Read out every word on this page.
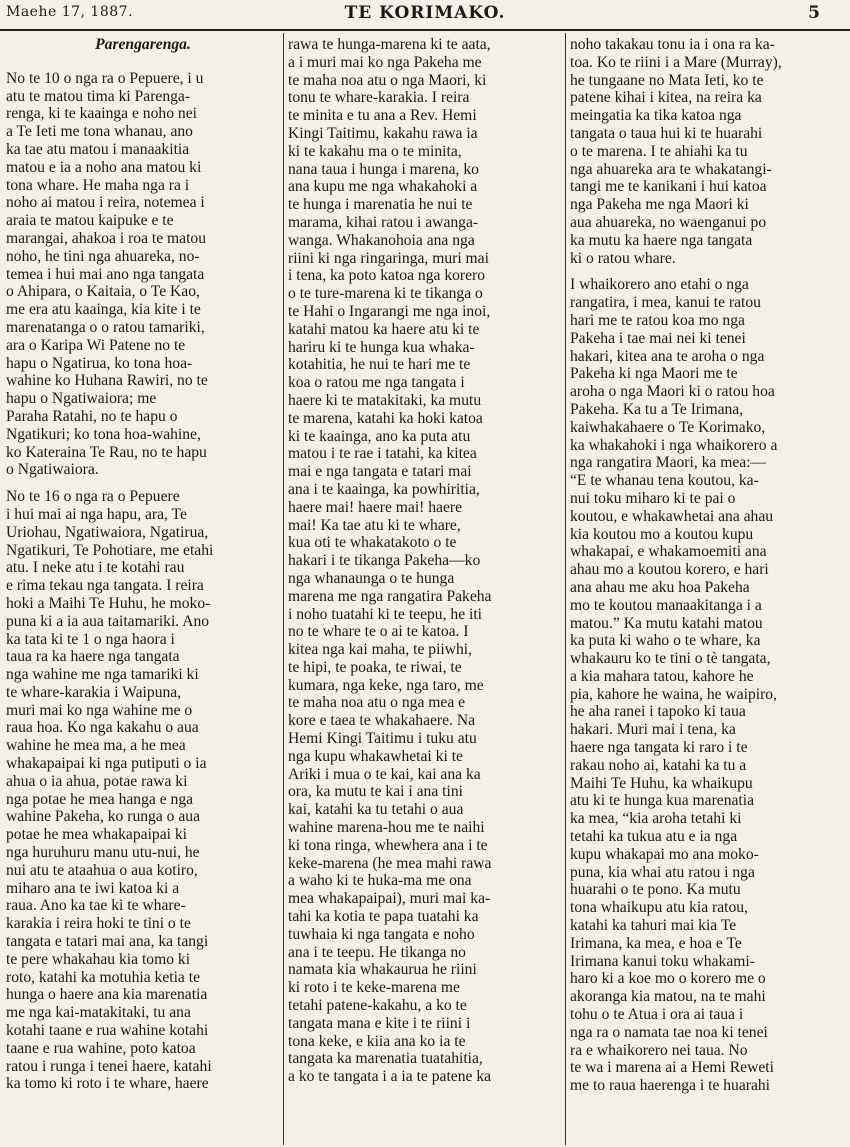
Maehe 17, 1887.	TE KORIMAKO.	5
Parengarenga.
No te 10 o nga ra o Pepuere, i u
atu te matou tima ki Parenga-
renga, ki te kaainga e noho nei
a Te Ieti me tona whanau, ano
ka tae atu matou i manaakitia
matou e ia a noho ana matou ki
tona whare. He maha nga ra i
noho ai matou i reira, notemea i
araia te matou kaipuke e te
marangai, ahakoa i roa te matou
noho, he tini nga ahuareka, no-
temea i hui mai ano nga tangata
o Ahipara, o Kaitaia, o Te Kao,
me era atu kaainga, kia kite i te
marenatanga o o ratou tamariki,
ara o Karipa Wi Patene no te
hapu o Ngatirua, ko tona hoa-
wahine ko Huhana Rawiri, no te
hapu o Ngatiwaiora; me
Paraha Ratahi, no te hapu o
Ngatikuri; ko tona hoa-wahine,
ko Kateraina Te Rau, no te hapu
o Ngatiwaiora.
No te 16 o nga ra o Pepuere
i hui mai ai nga hapu, ara, Te
Uriohau, Ngatiwaiora, Ngatirua,
Ngatikuri, Te Pohotiare, me etahi
atu. I neke atu i te kotahi rau
e rima tekau nga tangata. I reira
hoki a Maihi Te Huhu, he moko-
puna ki a ia aua taitamariki. Ano
ka tata ki te 1 o nga haora i
taua ra ka haere nga tangata
nga wahine me nga tamariki ki
te whare-karakia i Waipuna,
muri mai ko nga wahine me o
raua hoa. Ko nga kakahu o aua
wahine he mea ma, a he mea
whakapaipai ki nga putiputi o ia
ahua o ia ahua, potae rawa ki
nga potae he mea hanga e nga
wahine Pakeha, ko runga o aua
potae he mea whakapaipai ki
nga huruhuru manu utu-nui, he
nui atu te ataahua o aua kotiro,
miharo ana te iwi katoa ki a
raua. Ano ka tae ki te whare-
karakia i reira hoki te tini o te
tangata e tatari mai ana, ka tangi
te pere whakahau kia tomo ki
roto, katahi ka motuhia ketia te
hunga o haere ana kia marenatia
me nga kai-matakitaki, tu ana
kotahi taane e rua wahine kotahi
taane e rua wahine, poto katoa
ratou i runga i tenei haere, katahi
ka tomo ki roto i te whare, haere
rawa te hunga-marena ki te aata,
a i muri mai ko nga Pakeha me
te maha noa atu o nga Maori, ki
tonu te whare-karakia. I reira
te minita e tu ana a Rev. Hemi
Kingi Taitimu, kakahu rawa ia
ki te kakahu ma o te minita,
nana taua i hunga i marena, ko
ana kupu me nga whakahoki a
te hunga i marenatia he nui te
marama, kihai ratou i awanga-
wanga. Whakanohoia ana nga
riini ki nga ringaringa, muri mai
i tena, ka poto katoa nga korero
o te ture-marena ki te tikanga o
te Hahi o Ingarangi me nga inoi,
katahi matou ka haere atu ki te
hariru ki te hunga kua whaka-
kotahitia, he nui te hari me te
koa o ratou me nga tangata i
haere ki te matakitaki, ka mutu
te marena, katahi ka hoki katoa
ki te kaainga, ano ka puta atu
matou i te rae i tatahi, ka kitea
mai e nga tangata e tatari mai
ana i te kaainga, ka powhiritia,
haere mai! haere mai! haere
mai! Ka tae atu ki te whare,
kua oti te whakatakoto o te
hakari i te tikanga Pakeha—ko
nga whanaunga o te hunga
marena me nga rangatira Pakeha
i noho tuatahi ki te teepu, he iti
no te whare te o ai te katoa. I
kitea nga kai maha, te piiwhi,
te hipi, te poaka, te riwai, te
kumara, nga keke, nga taro, me
te maha noa atu o nga mea e
kore e taea te whakahaere. Na
Hemi Kingi Taitimu i tuku atu
nga kupu whakawhetai ki te
Ariki i mua o te kai, kai ana ka
ora, ka mutu te kai i ana tini
kai, katahi ka tu tetahi o aua
wahine marena-hou me te naihi
ki tona ringa, whewhera ana i te
keke-marena (he mea mahi rawa
a waho ki te huka-ma me ona
mea whakapaipai), muri mai ka-
tahi ka kotia te papa tuatahi ka
tuwhaia ki nga tangata e noho
ana i te teepu. He tikanga no
namata kia whakaurua he riini
ki roto i te keke-marena me
tetahi patene-kakahu, a ko te
tangata mana e kite i te riini i
tona keke, e kiia ana ko ia te
tangata ka marenatia tuatahitia,
a ko te tangata i a ia te patene ka
noho takakau tonu ia i ona ra ka-
toa. Ko te riini i a Mare (Murray),
he tungaane no Mata Ieti, ko te
patene kihai i kitea, na reira ka
meingatia ka tika katoa nga
tangata o taua hui ki te huarahi
o te marena. I te ahiahi ka tu
nga ahuareka ara te whakatangi-
tangi me te kanikani i hui katoa
nga Pakeha me nga Maori ki
aua ahuareka, no waenganui po
ka mutu ka haere nga tangata
ki o ratou whare.
I whaikorero ano etahi o nga
rangatira, i mea, kanui te ratou
hari me te ratou koa mo nga
Pakeha i tae mai nei ki tenei
hakari, kitea ana te aroha o nga
Pakeha ki nga Maori me te
aroha o nga Maori ki o ratou hoa
Pakeha. Ka tu a Te Irimana,
kaiwhakahaere o Te Korimako,
ka whakahoki i nga whaikorero a
nga rangatira Maori, ka mea:—
“E te whanau tena koutou, ka-
nui toku miharo ki te pai o
koutou, e whakawhetai ana ahau
kia koutou mo a koutou kupu
whakapai, e whakamoemiti ana
ahau mo a koutou korero, e hari
ana ahau me aku hoa Pakeha
mo te koutou manaakitanga i a
matou.” Ka mutu katahi matou
ka puta ki waho o te whare, ka
whakauru ko te tini o tè tangata,
a kia mahara tatou, kahore he
pia, kahore he waina, he waipiro,
he aha ranei i tapoko ki taua
hakari. Muri mai i tena, ka
haere nga tangata ki raro i te
rakau noho ai, katahi ka tu a
Maihi Te Huhu, ka whaikupu
atu ki te hunga kua marenatia
ka mea, “kia aroha tetahi ki
tetahi ka tukua atu e ia nga
kupu whakapai mo ana moko-
puna, kia whai atu ratou i nga
huarahi o te pono. Ka mutu
tona whaikupu atu kia ratou,
katahi ka tahuri mai kia Te
Irimana, ka mea, e hoa e Te
Irimana kanui toku whakami-
haro ki a koe mo o korero me o
akoranga kia matou, na te mahi
tohu o te Atua i ora ai taua i
nga ra o namata tae noa ki tenei
ra e whaikorero nei taua. No
te wa i marena ai a Hemi Reweti
me to raua haerenga i te huarahi
